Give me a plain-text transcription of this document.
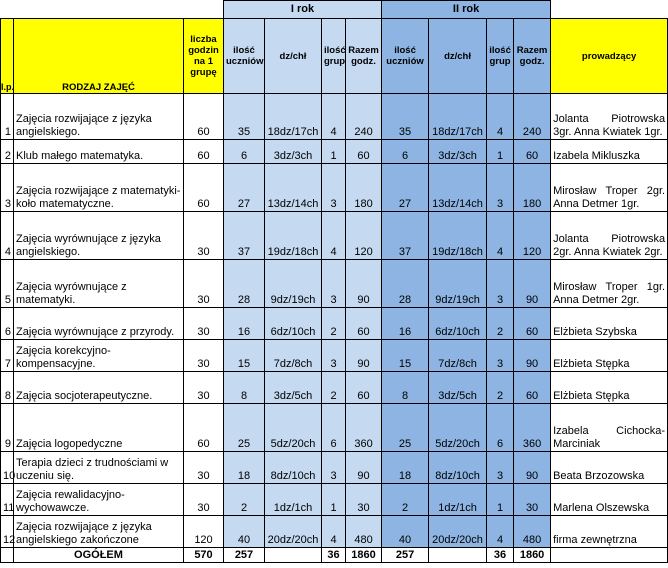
			I rok				II rok				
l.p.	RODZAJ ZAJĘĆ	liczba godzin na 1 grupę	ilość uczniów	dz/chł	ilość grup	Razem godz.	ilość uczniów	dz/chł	ilość grup	Razem godz.	prowadzący
1	Zajęcia rozwijające z języka angielskiego.	60	35	18dz/17ch	4	240	35	18dz/17ch	4	240	Jolanta Piotrowska 3gr. Anna Kwiatek 1gr.
2	Klub małego matematyka.	60	6	3dz/3ch	1	60	6	3dz/3ch	1	60	Izabela Mikluszka
3	Zajęcia rozwijające z matematyki-koło matematyczne.	60	27	13dz/14ch	3	180	27	13dz/14ch	3	180	Mirosław Troper 2gr. Anna Detmer 1gr.
4	Zajęcia wyrównujące z języka angielskiego.	30	37	19dz/18ch	4	120	37	19dz/18ch	4	120	Jolanta Piotrowska 2gr. Anna Kwiatek 2gr.
5	Zajęcia wyrównujące z matematyki.	30	28	9dz/19ch	3	90	28	9dz/19ch	3	90	Mirosław Troper 1gr. Anna Detmer 2gr.
6	Zajęcia wyrównujące z przyrody.	30	16	6dz/10ch	2	60	16	6dz/10ch	2	60	Elżbieta Szybska
7	Zajęcia korekcyjno-kompensacyjne.	30	15	7dz/8ch	3	90	15	7dz/8ch	3	90	Elżbieta Stępka
8	Zajęcia socjoterapeutyczne.	30	8	3dz/5ch	2	60	8	3dz/5ch	2	60	Elżbieta Stępka
9	Zajęcia logopedyczne	60	25	5dz/20ch	6	360	25	5dz/20ch	6	360	Izabela Cichocka-Marciniak
10	Terapia dzieci z trudnościami w uczeniu się.	30	18	8dz/10ch	3	90	18	8dz/10ch	3	90	Beata Brzozowska
11	Zajęcia rewalidacyjno-wychowawcze.	30	2	1dz/1ch	1	30	2	1dz/1ch	1	30	Marlena Olszewska
12	Zajęcia rozwijające z języka angielskiego zakończone	120	40	20dz/20ch	4	480	40	20dz/20ch	4	480	firma zewnętrzna
	OGÓŁEM	570	257		36	1860	257		36	1860	
